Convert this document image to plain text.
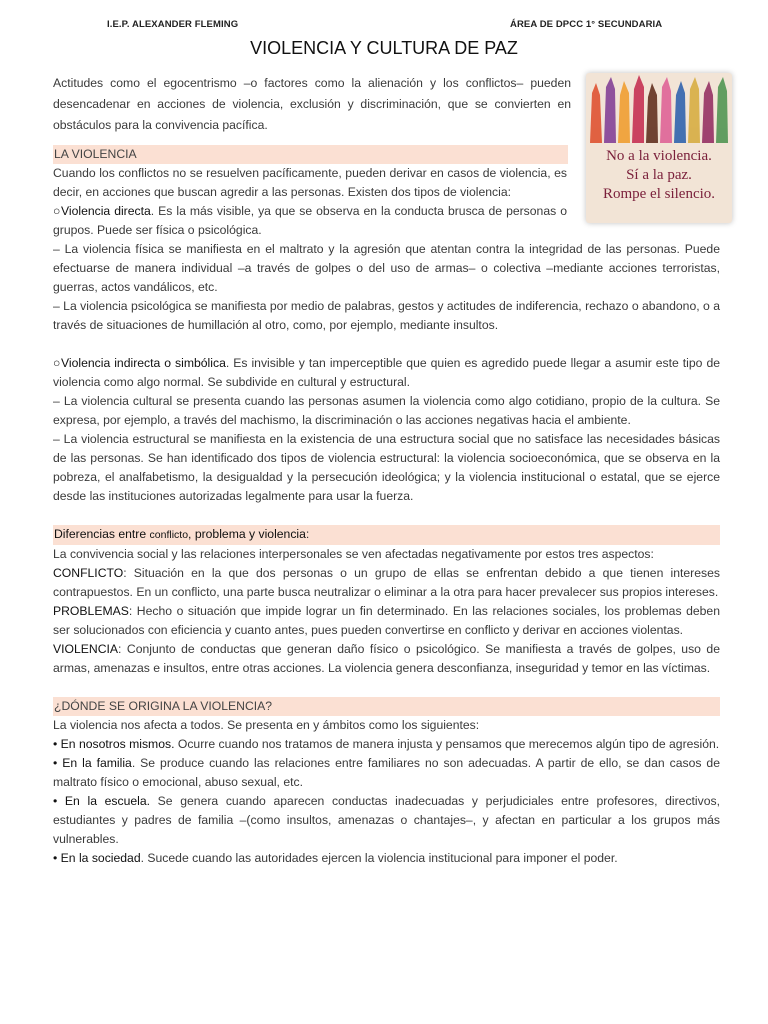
I.E.P. ALEXANDER FLEMING	ÁREA DE DPCC 1° SECUNDARIA
VIOLENCIA Y CULTURA DE PAZ
Actitudes como el egocentrismo –o factores como la alienación y los conflictos– pueden desencadenar en acciones de violencia, exclusión y discriminación, que se convierten en obstáculos para la convivencia pacífica.
No a la violencia.
Sí a la paz.
Rompe el silencio.

LA VIOLENCIA

Cuando los conflictos no se resuelven pacíficamente, pueden derivar en casos de violencia, es decir, en acciones que buscan agredir a las personas. Existen dos tipos de violencia:

○Violencia directa. Es la más visible, ya que se observa en la conducta brusca de personas o grupos. Puede ser física o psicológica.

– La violencia física se manifiesta en el maltrato y la agresión que atentan contra la integridad de las personas. Puede efectuarse de manera individual –a través de golpes o del uso de armas– o colectiva –mediante acciones terroristas, guerras, actos vandálicos, etc.

– La violencia psicológica se manifiesta por medio de palabras, gestos y actitudes de indiferencia, rechazo o abandono, o a través de situaciones de humillación al otro, como, por ejemplo, mediante insultos.

○Violencia indirecta o simbólica. Es invisible y tan imperceptible que quien es agredido puede llegar a asumir este tipo de violencia como algo normal. Se subdivide en cultural y estructural.

– La violencia cultural se presenta cuando las personas asumen la violencia como algo cotidiano, propio de la cultura. Se expresa, por ejemplo, a través del machismo, la discriminación o las acciones negativas hacia el ambiente.

– La violencia estructural se manifiesta en la existencia de una estructura social que no satisface las necesidades básicas de las personas. Se han identificado dos tipos de violencia estructural: la violencia socioeconómica, que se observa en la pobreza, el analfabetismo, la desigualdad y la persecución ideológica; y la violencia institucional o estatal, que se ejerce desde las instituciones autorizadas legalmente para usar la fuerza.

Diferencias entre conflicto, problema y violencia:

La convivencia social y las relaciones interpersonales se ven afectadas negativamente por estos tres aspectos:

CONFLICTO: Situación en la que dos personas o un grupo de ellas se enfrentan debido a que tienen intereses contrapuestos. En un conflicto, una parte busca neutralizar o eliminar a la otra para hacer prevalecer sus propios intereses.

PROBLEMAS: Hecho o situación que impide lograr un fin determinado. En las relaciones sociales, los problemas deben ser solucionados con eficiencia y cuanto antes, pues pueden convertirse en conflicto y derivar en acciones violentas.

VIOLENCIA: Conjunto de conductas que generan daño físico o psicológico. Se manifiesta a través de golpes, uso de armas, amenazas e insultos, entre otras acciones. La violencia genera desconfianza, inseguridad y temor en las víctimas.

¿DÓNDE SE ORIGINA LA VIOLENCIA?

La violencia nos afecta a todos. Se presenta en y ámbitos como los siguientes:

• En nosotros mismos. Ocurre cuando nos tratamos de manera injusta y pensamos que merecemos algún tipo de agresión.

• En la familia. Se produce cuando las relaciones entre familiares no son adecuadas. A partir de ello, se dan casos de maltrato físico o emocional, abuso sexual, etc.

• En la escuela. Se genera cuando aparecen conductas inadecuadas y perjudiciales entre profesores, directivos, estudiantes y padres de familia –(como insultos, amenazas o chantajes–, y afectan en particular a los grupos más vulnerables.

• En la sociedad. Sucede cuando las autoridades ejercen la violencia institucional para imponer el poder.
